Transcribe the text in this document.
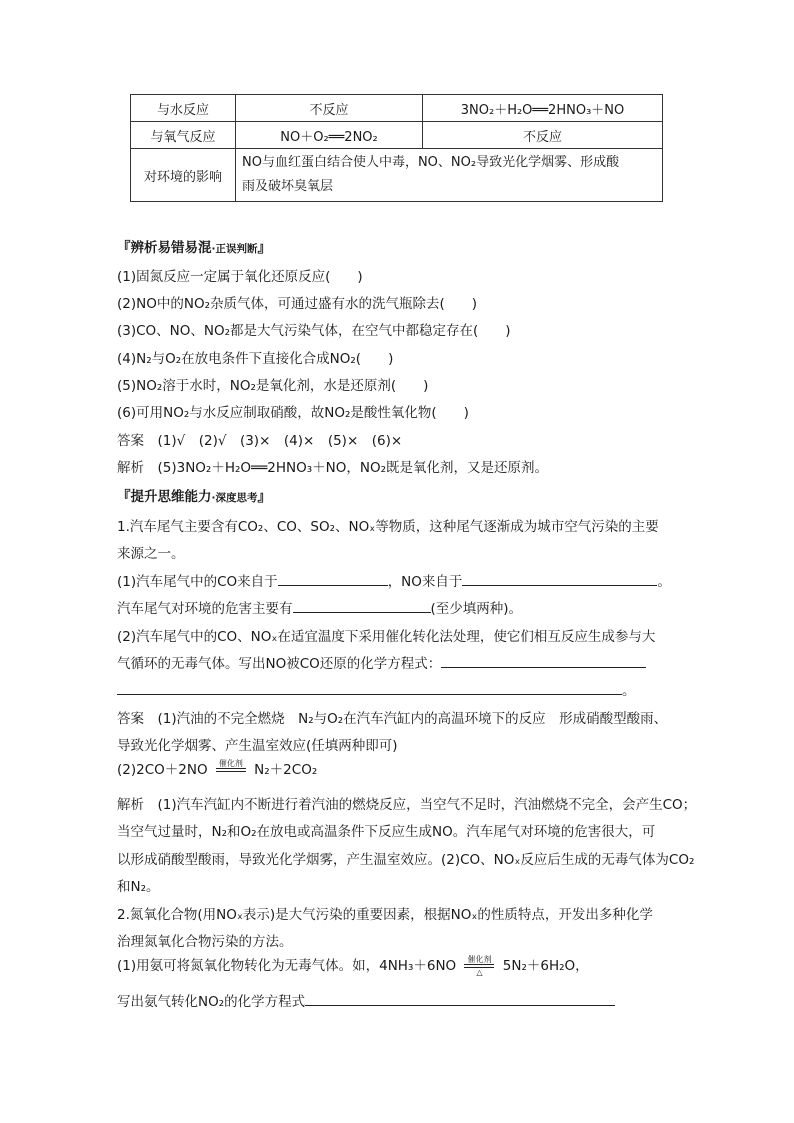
与水反应	不反应	3NO₂＋H₂O══2HNO₃＋NO
与氧气反应	NO＋O₂══2NO₂	不反应
对环境的影响	NO与血红蛋白结合使人中毒，NO、NO₂导致光化学烟雾、形成酸
雨及破坏臭氧层	
『辨析易错易混·正误判断』
(1)固氮反应一定属于氧化还原反应(　　)
(2)NO中的NO₂杂质气体，可通过盛有水的洗气瓶除去(　　)
(3)CO、NO、NO₂都是大气污染气体，在空气中都稳定存在(　　)
(4)N₂与O₂在放电条件下直接化合成NO₂(　　)
(5)NO₂溶于水时，NO₂是氧化剂，水是还原剂(　　)
(6)可用NO₂与水反应制取硝酸，故NO₂是酸性氧化物(　　)
答案　(1)√　(2)√　(3)×　(4)×　(5)×　(6)×
解析　(5)3NO₂＋H₂O══2HNO₃＋NO，NO₂既是氧化剂，又是还原剂。
『提升思维能力·深度思考』
1.汽车尾气主要含有CO₂、CO、SO₂、NOₓ等物质，这种尾气逐渐成为城市空气污染的主要
来源之一。
(1)汽车尾气中的CO来自于	，NO来自于	。
汽车尾气对环境的危害主要有	(至少填两种)。
(2)汽车尾气中的CO、NOₓ在适宜温度下采用催化转化法处理，使它们相互反应生成参与大
气循环的无毒气体。写出NO被CO还原的化学方程式：
。
答案　(1)汽油的不完全燃烧　N₂与O₂在汽车汽缸内的高温环境下的反应　形成硝酸型酸雨、
导致光化学烟雾、产生温室效应(任填两种即可)
(2)2CO＋2NO	催化剂
N₂＋2CO₂
解析　(1)汽车汽缸内不断进行着汽油的燃烧反应，当空气不足时，汽油燃烧不完全，会产生CO；
当空气过量时，N₂和O₂在放电或高温条件下反应生成NO。汽车尾气对环境的危害很大，可
以形成硝酸型酸雨，导致光化学烟雾，产生温室效应。(2)CO、NOₓ反应后生成的无毒气体为CO₂
和N₂。
2.氮氧化合物(用NOₓ表示)是大气污染的重要因素，根据NOₓ的性质特点，开发出多种化学
治理氮氧化合物污染的方法。
(1)用氨可将氮氧化物转化为无毒气体。如，4NH₃＋6NO	催化剂
△	5N₂＋6H₂O，
写出氨气转化NO₂的化学方程式
